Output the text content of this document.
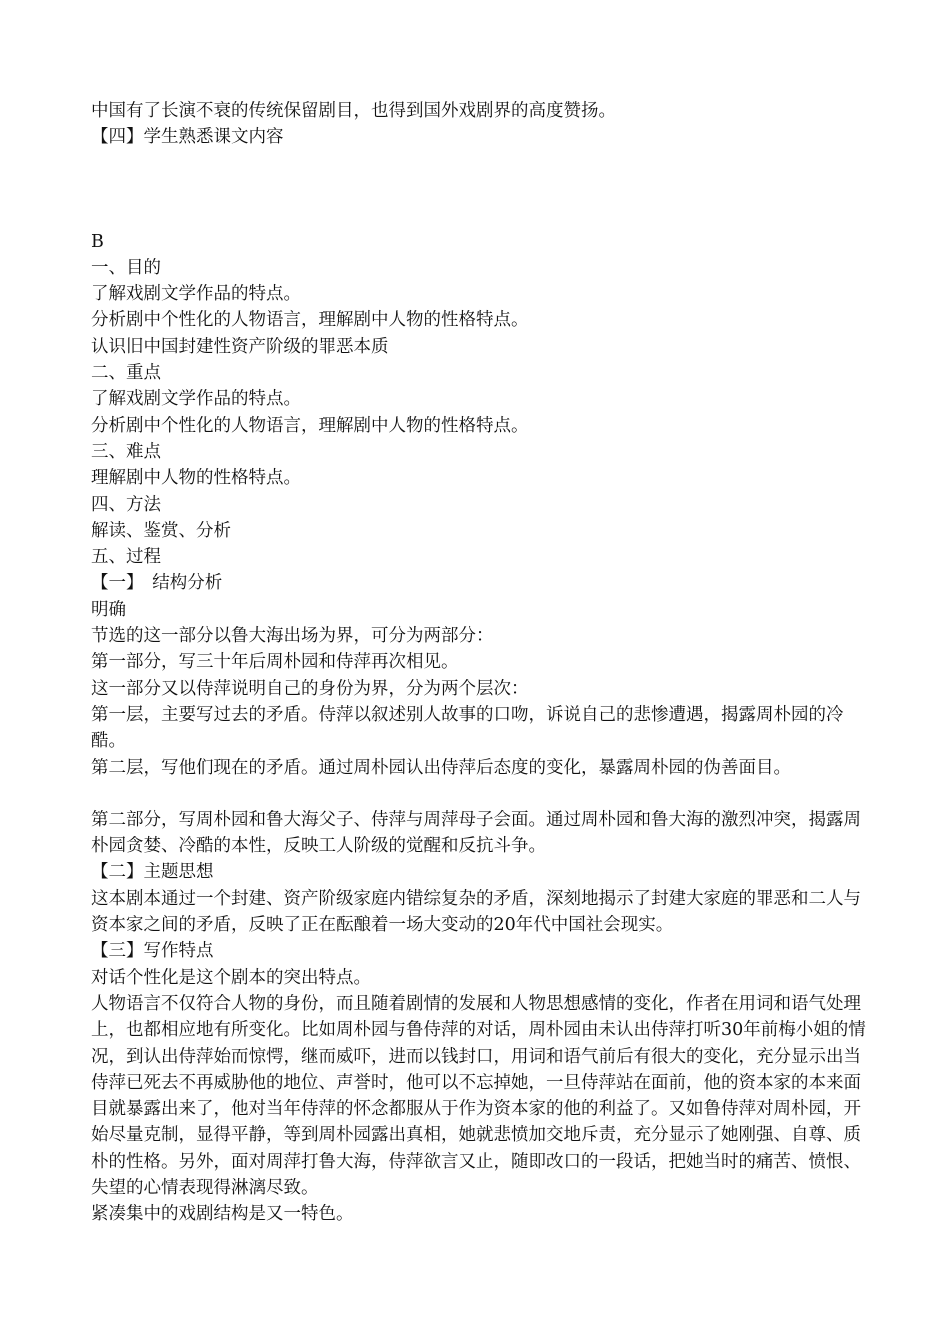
中国有了长演不衰的传统保留剧目，也得到国外戏剧界的高度赞扬。
【四】学生熟悉课文内容
B
一、目的
了解戏剧文学作品的特点。
分析剧中个性化的人物语言，理解剧中人物的性格特点。
认识旧中国封建性资产阶级的罪恶本质
二、重点
了解戏剧文学作品的特点。
分析剧中个性化的人物语言，理解剧中人物的性格特点。
三、难点
理解剧中人物的性格特点。
四、方法
解读、鉴赏、分析
五、过程
【一】　结构分析
明确
节选的这一部分以鲁大海出场为界，可分为两部分：
第一部分，写三十年后周朴园和侍萍再次相见。
这一部分又以侍萍说明自己的身份为界，分为两个层次：
第一层，主要写过去的矛盾。侍萍以叙述别人故事的口吻，诉说自己的悲惨遭遇，揭露周朴园的冷酷。
第二层，写他们现在的矛盾。通过周朴园认出侍萍后态度的变化，暴露周朴园的伪善面目。
第二部分，写周朴园和鲁大海父子、侍萍与周萍母子会面。通过周朴园和鲁大海的激烈冲突，揭露周朴园贪婪、冷酷的本性，反映工人阶级的觉醒和反抗斗争。
【二】主题思想
这本剧本通过一个封建、资产阶级家庭内错综复杂的矛盾，深刻地揭示了封建大家庭的罪恶和二人与资本家之间的矛盾，反映了正在酝酿着一场大变动的20年代中国社会现实。
【三】写作特点
对话个性化是这个剧本的突出特点。
人物语言不仅符合人物的身份，而且随着剧情的发展和人物思想感情的变化，作者在用词和语气处理上，也都相应地有所变化。比如周朴园与鲁侍萍的对话，周朴园由未认出侍萍打听30年前梅小姐的情况，到认出侍萍始而惊愕，继而威吓，进而以钱封口，用词和语气前后有很大的变化，充分显示出当侍萍已死去不再威胁他的地位、声誉时，他可以不忘掉她，一旦侍萍站在面前，他的资本家的本来面目就暴露出来了，他对当年侍萍的怀念都服从于作为资本家的他的利益了。又如鲁侍萍对周朴园，开始尽量克制，显得平静，等到周朴园露出真相，她就悲愤加交地斥责，充分显示了她刚强、自尊、质朴的性格。另外，面对周萍打鲁大海，侍萍欲言又止，随即改口的一段话，把她当时的痛苦、愤恨、失望的心情表现得淋漓尽致。
紧凑集中的戏剧结构是又一特色。
